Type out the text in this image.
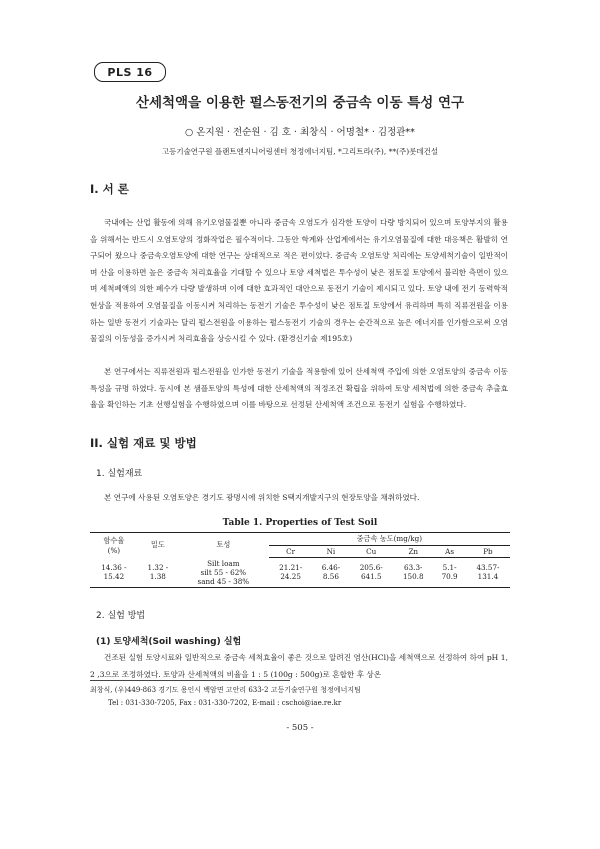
PLS 16
산세척액을 이용한 펄스동전기의 중금속 이동 특성 연구
○ 온지원 · 전순원 · 김 호 · 최창식 · 어명철* · 김정관**
고등기술연구원 플랜트엔지니어링센터 청정에너지팀, *그리트라(주), **(주)롯데건설
I. 서 론

국내에는 산업 활동에 의해 유기오염물질뿐 아니라 중금속 오염도가 심각한 토양이 다량 방치되어 있으며 토양부지의 활용을 위해서는 반드시 오염토양의 정화작업은 필수적이다. 그동안 학계와 산업계에서는 유기오염물질에 대한 대응책은 활발히 연구되어 왔으나 중금속오염토양에 대한 연구는 상대적으로 적은 편이었다. 중금속 오염토양 처리에는 토양세척기술이 일반적이며 산을 이용하면 높은 중금속 처리효율을 기대할 수 있으나 토양 세척법은 투수성이 낮은 점토질 토양에서 불리한 측면이 있으며 세척폐액의 의한 폐수가 다량 발생하며 이에 대한 효과적인 대안으로 동전기 기술이 제시되고 있다. 토양 내에 전기 동력학적 현상을 적용하여 오염물질을 이동시켜 처리하는 동전기 기술은 투수성이 낮은 점토질 토양에서 유리하며 특히 직류전원을 이용하는 일반 동전기 기술과는 달리 펄스전원을 이용하는 펄스동전기 기술의 경우는 순간적으로 높은 에너지를 인가함으로써 오염물질의 이동성을 증가시켜 처리효율을 상승시킬 수 있다. (환경신기술 제195호)

본 연구에서는 직류전원과 펄스전원을 인가한 동전기 기술을 적용함에 있어 산세척액 주입에 의한 오염토양의 중금속 이동 특성을 규명 하였다. 동시에 본 샘플토양의 특성에 대한 산세척액의 적정조건 확립을 위하여 토양 세척법에 의한 중금속 추출효율을 확인하는 기초 선행실험을 수행하였으며 이를 바탕으로 선정된 산세척액 조건으로 동전기 실험을 수행하였다.

II. 실험 재료 및 방법
1. 실험재료

본 연구에 사용된 오염토양은 경기도 광명시에 위치한 S택지개발지구의 현장토양을 채취하였다.

Table 1. Properties of Test Soil
함수율
(%)	밀도	토성	중금속 농도(mg/kg)					
			Cr	Ni	Cu	Zn	As	Pb
14.36 -
15.42	1.32 -
1.38	Silt loam
silt 55 - 62%
sand 45 - 38%	21.21-
24.25	6.46-
8.56	205.6-
641.5	63.3-
150.8	5.1-
70.9	43.57-
131.4
2. 실험 방법
(1) 토양세척(Soil washing) 실험

건조된 실험 토양시료와 일반적으로 중금속 세척효율이 좋은 것으로 알려진 염산(HCl)을 세척액으로 선정하여 하여 pH 1, 2 ,3으로 조정하였다. 토양과 산세척액의 비율을 1 : 5 (100g : 500g)로 혼합한 후 상온

최창식, (우)449-863 경기도 용인시 백암면 고안리 633-2 고등기술연구원 청정에너지팀
Tel : 031-330-7205, Fax : 031-330-7202, E-mail : cschoi@iae.re.kr
- 505 -
